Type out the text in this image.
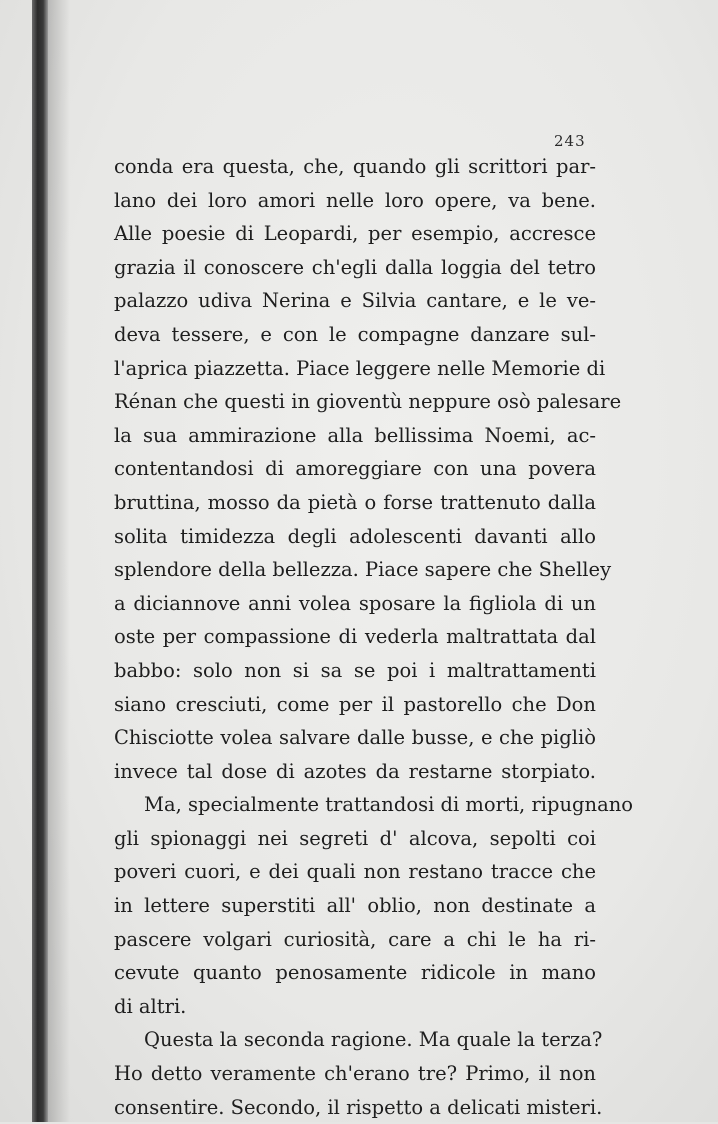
243
conda era questa, che, quando gli scrittori par-
lano dei loro amori nelle loro opere, va bene.
Alle poesie di Leopardi, per esempio, accresce
grazia il conoscere ch'egli dalla loggia del tetro
palazzo udiva Nerina e Silvia cantare, e le ve-
deva tessere, e con le compagne danzare sul-
l'aprica piazzetta. Piace leggere nelle Memorie di
Rénan che questi in gioventù neppure osò palesare
la sua ammirazione alla bellissima Noemi, ac-
contentandosi di amoreggiare con una povera
bruttina, mosso da pietà o forse trattenuto dalla
solita timidezza degli adolescenti davanti allo
splendore della bellezza. Piace sapere che Shelley
a diciannove anni volea sposare la figliola di un
oste per compassione di vederla maltrattata dal
babbo: solo non si sa se poi i maltrattamenti
siano cresciuti, come per il pastorello che Don
Chisciotte volea salvare dalle busse, e che pigliò
invece tal dose di azotes da restarne storpiato.
Ma, specialmente trattandosi di morti, ripugnano
gli spionaggi nei segreti d' alcova, sepolti coi
poveri cuori, e dei quali non restano tracce che
in lettere superstiti all' oblio, non destinate a
pascere volgari curiosità, care a chi le ha ri-
cevute quanto penosamente ridicole in mano
di altri.
Questa la seconda ragione. Ma quale la terza?
Ho detto veramente ch'erano tre? Primo, il non
consentire. Secondo, il rispetto a delicati misteri.
